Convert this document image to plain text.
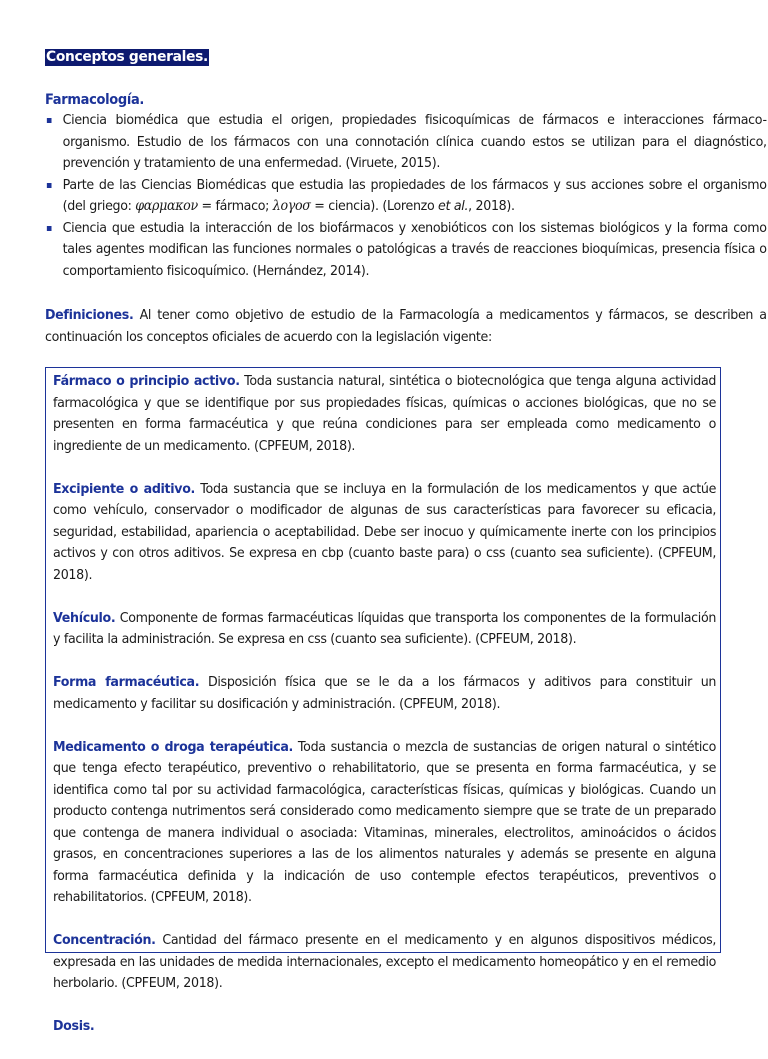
Conceptos generales.
Farmacología.
Ciencia biomédica que estudia el origen, propiedades fisicoquímicas de fármacos e interacciones fármaco-organismo. Estudio de los fármacos con una connotación clínica cuando estos se utilizan para el diagnóstico, prevención y tratamiento de una enfermedad. (Viruete, 2015).
Parte de las Ciencias Biomédicas que estudia las propiedades de los fármacos y sus acciones sobre el organismo (del griego: φαρμακον = fármaco; λογοσ = ciencia). (Lorenzo et al., 2018).
Ciencia que estudia la interacción de los biofármacos y xenobióticos con los sistemas biológicos y la forma como tales agentes modifican las funciones normales o patológicas a través de reacciones bioquímicas, presencia física o comportamiento fisicoquímico. (Hernández, 2014).
Definiciones. Al tener como objetivo de estudio de la Farmacología a medicamentos y fármacos, se describen a continuación los conceptos oficiales de acuerdo con la legislación vigente:

Fármaco o principio activo. Toda sustancia natural, sintética o biotecnológica que tenga alguna actividad farmacológica y que se identifique por sus propiedades físicas, químicas o acciones biológicas, que no se presenten en forma farmacéutica y que reúna condiciones para ser empleada como medicamento o ingrediente de un medicamento. (CPFEUM, 2018).

Excipiente o aditivo. Toda sustancia que se incluya en la formulación de los medicamentos y que actúe como vehículo, conservador o modificador de algunas de sus características para favorecer su eficacia, seguridad, estabilidad, apariencia o aceptabilidad. Debe ser inocuo y químicamente inerte con los principios activos y con otros aditivos. Se expresa en cbp (cuanto baste para) o css (cuanto sea suficiente). (CPFEUM, 2018).

Vehículo. Componente de formas farmacéuticas líquidas que transporta los componentes de la formulación y facilita la administración. Se expresa en css (cuanto sea suficiente). (CPFEUM, 2018).

Forma farmacéutica. Disposición física que se le da a los fármacos y aditivos para constituir un medicamento y facilitar su dosificación y administración. (CPFEUM, 2018).

Medicamento o droga terapéutica. Toda sustancia o mezcla de sustancias de origen natural o sintético que tenga efecto terapéutico, preventivo o rehabilitatorio, que se presenta en forma farmacéutica, y se identifica como tal por su actividad farmacológica, características físicas, químicas y biológicas. Cuando un producto contenga nutrimentos será considerado como medicamento siempre que se trate de un preparado que contenga de manera individual o asociada: Vitaminas, minerales, electrolitos, aminoácidos o ácidos grasos, en concentraciones superiores a las de los alimentos naturales y además se presente en alguna forma farmacéutica definida y la indicación de uso contemple efectos terapéuticos, preventivos o rehabilitatorios. (CPFEUM, 2018).

Concentración. Cantidad del fármaco presente en el medicamento y en algunos dispositivos médicos, expresada en las unidades de medida internacionales, excepto el medicamento homeopático y en el remedio herbolario. (CPFEUM, 2018).

Dosis.
